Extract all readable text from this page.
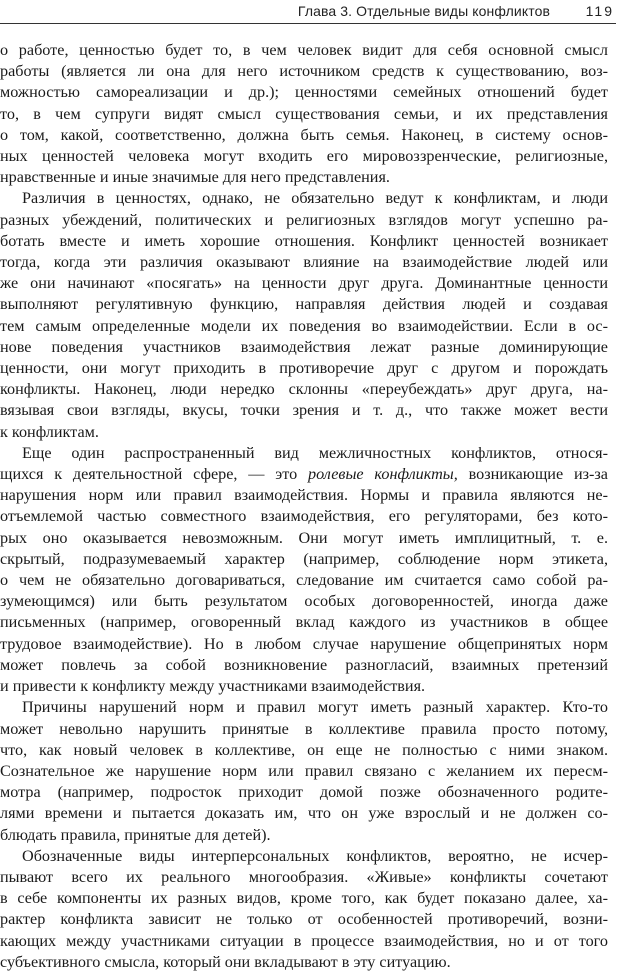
Глава 3. Отдельные виды конфликтов	119

о работе, ценностью будет то, в чем человек видит для себя основной смысл
работы (является ли она для него источником средств к существованию, воз-
можностью самореализации и др.); ценностями семейных отношений будет
то, в чем супруги видят смысл существования семьи, и их представления
о том, какой, соответственно, должна быть семья. Наконец, в систему основ-
ных ценностей человека могут входить его мировоззренческие, религиозные,
нравственные и иные значимые для него представления.

Различия в ценностях, однако, не обязательно ведут к конфликтам, и люди
разных убеждений, политических и религиозных взглядов могут успешно ра-
ботать вместе и иметь хорошие отношения. Конфликт ценностей возникает
тогда, когда эти различия оказывают влияние на взаимодействие людей или
же они начинают «посягать» на ценности друг друга. Доминантные ценности
выполняют регулятивную функцию, направляя действия людей и создавая
тем самым определенные модели их поведения во взаимодействии. Если в ос-
нове поведения участников взаимодействия лежат разные доминирующие
ценности, они могут приходить в противоречие друг с другом и порождать
конфликты. Наконец, люди нередко склонны «переубеждать» друг друга, на-
вязывая свои взгляды, вкусы, точки зрения и т. д., что также может вести
к конфликтам.

Еще один распространенный вид межличностных конфликтов, относя-
щихся к деятельностной сфере, — это ролевые конфликты, возникающие из-за
нарушения норм или правил взаимодействия. Нормы и правила являются не-
отъемлемой частью совместного взаимодействия, его регуляторами, без кото-
рых оно оказывается невозможным. Они могут иметь имплицитный, т. е.
скрытый, подразумеваемый характер (например, соблюдение норм этикета,
о чем не обязательно договариваться, следование им считается само собой ра-
зумеющимся) или быть результатом особых договоренностей, иногда даже
письменных (например, оговоренный вклад каждого из участников в общее
трудовое взаимодействие). Но в любом случае нарушение общепринятых норм
может повлечь за собой возникновение разногласий, взаимных претензий
и привести к конфликту между участниками взаимодействия.

Причины нарушений норм и правил могут иметь разный характер. Кто-то
может невольно нарушить принятые в коллективе правила просто потому,
что, как новый человек в коллективе, он еще не полностью с ними знаком.
Сознательное же нарушение норм или правил связано с желанием их пересм-
мотра (например, подросток приходит домой позже обозначенного родите-
лями времени и пытается доказать им, что он уже взрослый и не должен со-
блюдать правила, принятые для детей).

Обозначенные виды интерперсональных конфликтов, вероятно, не исчер-
пывают всего их реального многообразия. «Живые» конфликты сочетают
в себе компоненты их разных видов, кроме того, как будет показано далее, ха-
рактер конфликта зависит не только от особенностей противоречий, возни-
кающих между участниками ситуации в процессе взаимодействия, но и от того
субъективного смысла, который они вкладывают в эту ситуацию.
